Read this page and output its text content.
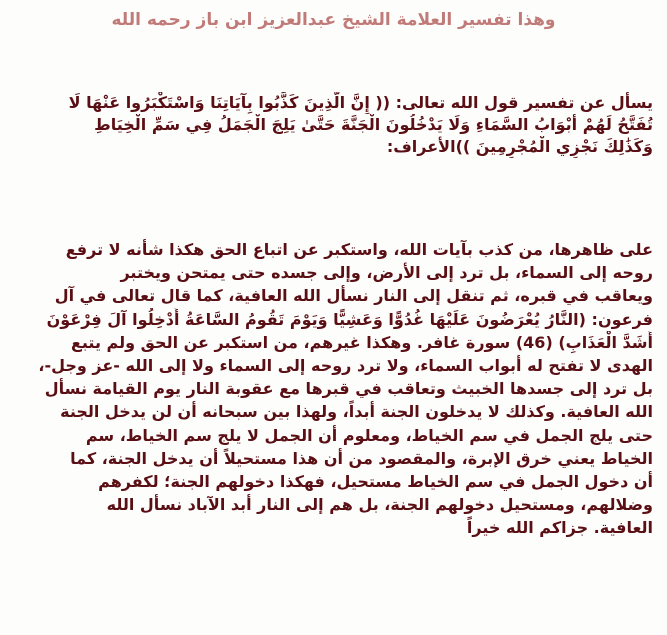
وهذا تفسير العلامة الشيخ عبدالعزيز ابن باز رحمه الله
يسأل عن تفسير قول الله تعالى: (( إِنَّ الَّذِينَ كَذَّبُوا بِآيَاتِنَا وَاسْتَكْبَرُوا عَنْهَا لَا
تُفَتَّحُ لَهُمْ أَبْوَابُ السَّمَاءِ وَلَا يَدْخُلُونَ الْجَنَّةَ حَتَّىٰ يَلِجَ الْجَمَلُ فِي سَمِّ الْخِيَاطِ
وَكَذَٰلِكَ نَجْزِي الْمُجْرِمِينَ ))الأعراف:
على ظاهرها، من كذب بآيات الله، واستكبر عن اتباع الحق هكذا شأنه لا ترفع
روحه إلى السماء، بل ترد إلى الأرض، وإلى جسده حتى يمتحن ويختبر
ويعاقب في قبره، ثم تنقل إلى النار نسأل الله العافية، كما قال تعالى في آل
فرعون: (النَّارُ يُعْرَضُونَ عَلَيْهَا غُدُوًّا وَعَشِيًّا وَيَوْمَ تَقُومُ السَّاعَةُ أَدْخِلُوا آلَ فِرْعَوْنَ
أَشَدَّ الْعَذَابِ) (46) سورة غافر. وهكذا غيرهم، من استكبر عن الحق ولم يتبع
الهدى لا تفتح له أبواب السماء، ولا ترد روحه إلى السماء ولا إلى الله -عز وجل-،
بل ترد إلى جسدها الخبيث وتعاقب في قبرها مع عقوبة النار يوم القيامة نسأل
الله العافية. وكذلك لا يدخلون الجنة أبداً، ولهذا بين سبحانه أن لن يدخل الجنة
حتى يلج الجمل في سم الخياط، ومعلوم أن الجمل لا يلج سم الخياط، سم
الخياط يعني خرق الإبرة، والمقصود من أن هذا مستحيلاً أن يدخل الجنة، كما
أن دخول الجمل في سم الخياط مستحيل، فهكذا دخولهم الجنة؛ لكفرهم
وضلالهم، ومستحيل دخولهم الجنة، بل هم إلى النار أبد الآباد نسأل الله
العافية. جزاكم الله خيراً
